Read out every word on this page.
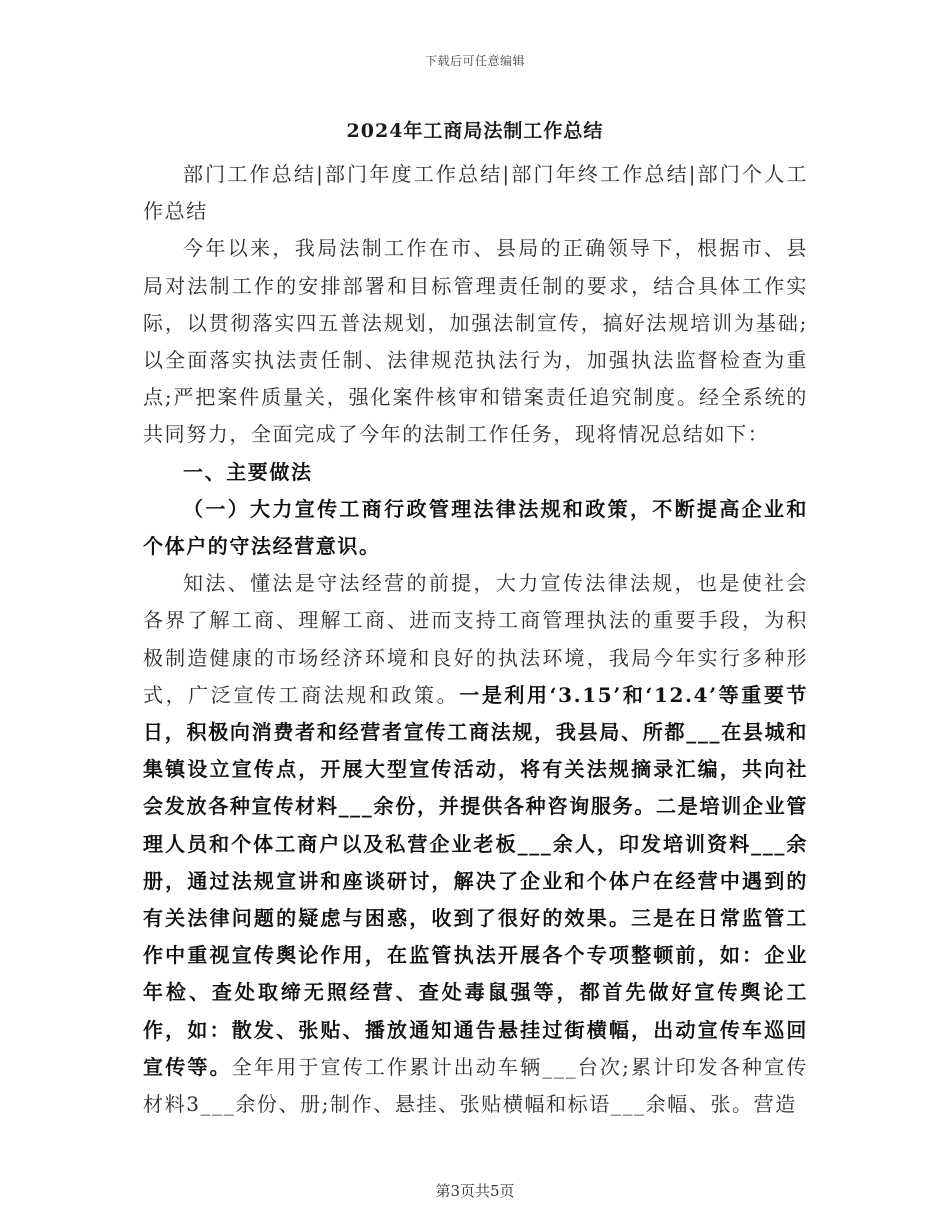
下载后可任意编辑
2024年工商局法制工作总结

部门工作总结|部门年度工作总结|部门年终工作总结|部门个人工作总结

今年以来，我局法制工作在市、县局的正确领导下，根据市、县局对法制工作的安排部署和目标管理责任制的要求，结合具体工作实际，以贯彻落实四五普法规划，加强法制宣传，搞好法规培训为基础;以全面落实执法责任制、法律规范执法行为，加强执法监督检查为重点;严把案件质量关，强化案件核审和错案责任追究制度。经全系统的共同努力，全面完成了今年的法制工作任务，现将情况总结如下：

一、主要做法

（一）大力宣传工商行政管理法律法规和政策，不断提高企业和个体户的守法经营意识。

知法、懂法是守法经营的前提，大力宣传法律法规，也是使社会各界了解工商、理解工商、进而支持工商管理执法的重要手段，为积极制造健康的市场经济环境和良好的执法环境，我局今年实行多种形式，广泛宣传工商法规和政策。一是利用‘3.15’和‘12.4’等重要节日，积极向消费者和经营者宣传工商法规，我县局、所都___在县城和集镇设立宣传点，开展大型宣传活动，将有关法规摘录汇编，共向社会发放各种宣传材料___余份，并提供各种咨询服务。二是培训企业管理人员和个体工商户以及私营企业老板___余人，印发培训资料___余册，通过法规宣讲和座谈研讨，解决了企业和个体户在经营中遇到的有关法律问题的疑虑与困惑，收到了很好的效果。三是在日常监管工作中重视宣传舆论作用，在监管执法开展各个专项整顿前，如：企业年检、查处取缔无照经营、查处毒鼠强等，都首先做好宣传舆论工作，如：散发、张贴、播放通知通告悬挂过街横幅，出动宣传车巡回宣传等。全年用于宣传工作累计出动车辆___台次;累计印发各种宣传材料3___余份、册;制作、悬挂、张贴横幅和标语___余幅、张。营造

第3页共5页
